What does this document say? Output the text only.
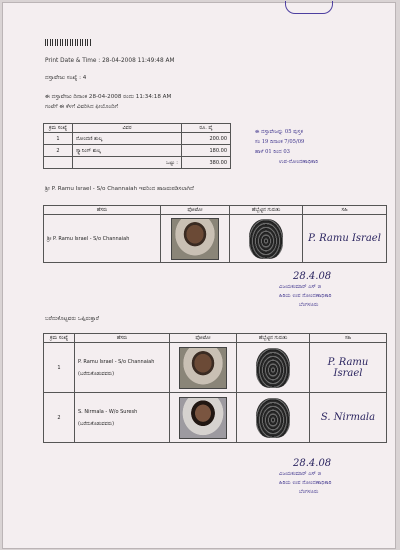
Print Date & Time : 28-04-2008 11:49:48 AM
ದಸ್ತಾವೇಜು ಸಂಖ್ಯೆ : 4
ಈ ದಸ್ತಾವೇಜು ದಿನಾಂಕ 28-04-2008 ರಂದು 11:34:18 AM
ಗಂಟೆಗೆ ಈ ಕೆಳಗೆ ವಿವರಿಸಿದ ಫೀಯೊಂದಿಗೆ
ಕ್ರಮ ಸಂಖ್ಯೆ	ವಿವರ	ರೂ. ಪೈ
1	ನೋಂದಣಿ ಶುಲ್ಕ	200.00
2	ಸ್ಕ್ಯಾನಿಂಗ್ ಶುಲ್ಕ	180.00
	ಒಟ್ಟು :	380.00
ಈ ದಸ್ತಾವೇಜನ್ನು 05 ಪುಸ್ತಕ
ಸಂ 19 ದಿನಾಂಕ 7/05/09
ಹಾಳೆ 01 ರಿಂದ 03
ಉಪ-ನೋಂದಣಾಧಿಕಾರಿ
ಶ್ರೀ P. Ramu Israel - S/o Channaiah ಇವರಿಂದ ಹಾಜರುಪಡಿಸಲಾಗಿದೆ
ಹೆಸರು	ಫೋಟೋ	ಹೆಬ್ಬೆಟ್ಟಿನ ಗುರುತು	ಸಹಿ
ಶ್ರೀ P. Ramu Israel - S/o Channaiah			P. Ramu Israel
28.4.08
ವಿಜಯಕುಮಾರ್ ಎಸ್ ಜಿ
ಹಿರಿಯ ಉಪ ನೋಂದಣಾಧಿಕಾರಿ
ಬೆಂಗಳೂರು
ಬರೆದುಕೊಟ್ಟವರು ಒಪ್ಪಿರುತ್ತಾರೆ
ಕ್ರಮ ಸಂಖ್ಯೆ	ಹೆಸರು	ಫೋಟೋ	ಹೆಬ್ಬೆಟ್ಟಿನ ಗುರುತು	ಸಹಿ
1	P. Ramu Israel - S/o Channaiah
(ಬರೆದುಕೊಡುವವರು)			P. Ramu Israel
2	S. Nirmala - W/o Suresh
(ಬರೆದುಕೊಡುವವರು)			S. Nirmala
28.4.08
ವಿಜಯಕುಮಾರ್ ಎಸ್ ಜಿ
ಹಿರಿಯ ಉಪ ನೋಂದಣಾಧಿಕಾರಿ
ಬೆಂಗಳೂರು
